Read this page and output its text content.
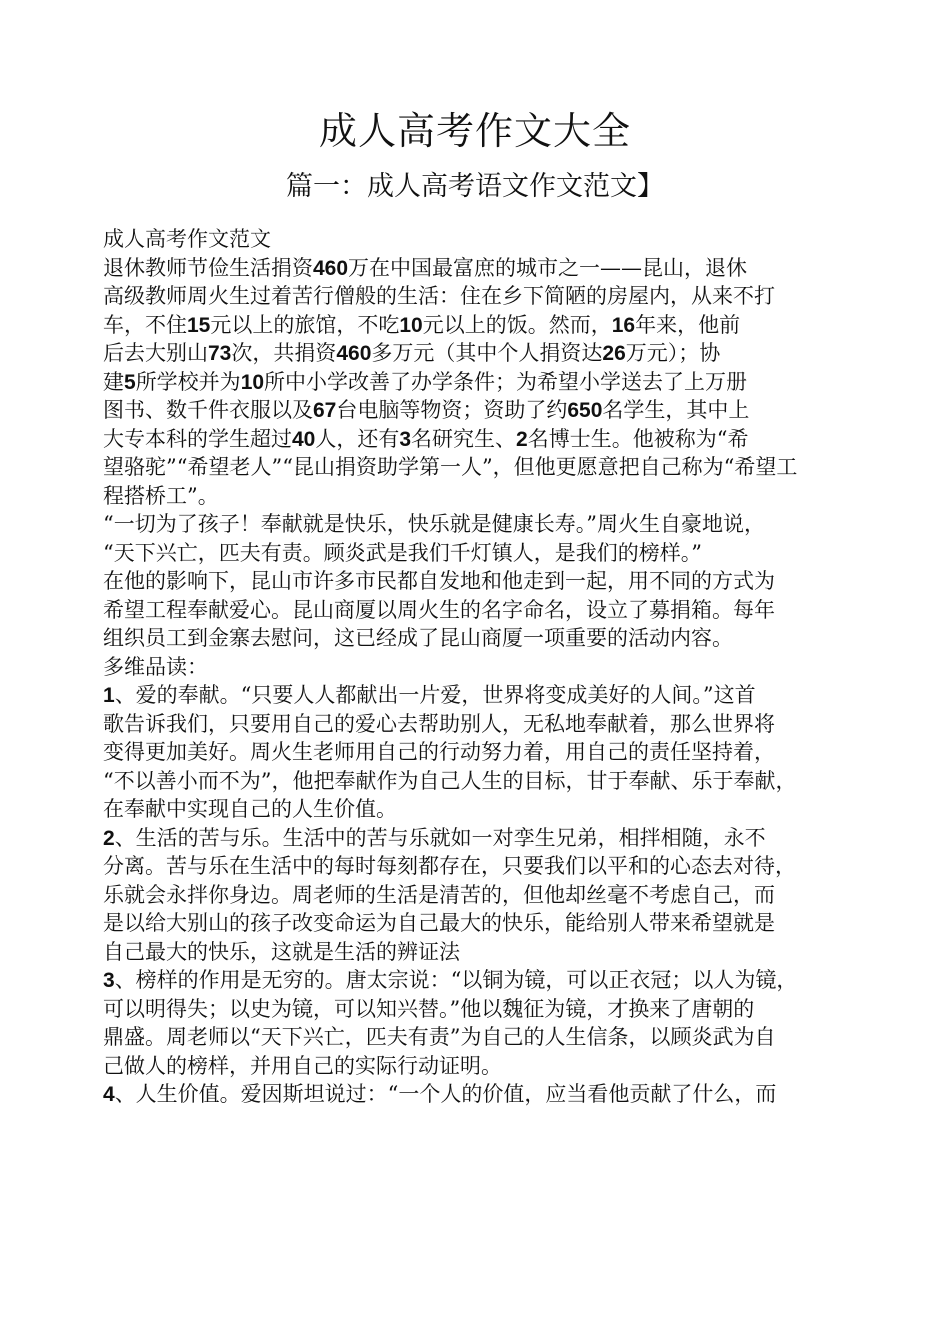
成人高考作文大全
篇一：成人高考语文作文范文】
成人高考作文范文
退休教师节俭生活捐资460万在中国最富庶的城市之一——昆山，退休
高级教师周火生过着苦行僧般的生活：住在乡下简陋的房屋内，从来不打
车，不住15元以上的旅馆，不吃10元以上的饭。然而，16年来，他前
后去大别山73次，共捐资460多万元（其中个人捐资达26万元）；协
建5所学校并为10所中小学改善了办学条件；为希望小学送去了上万册
图书、数千件衣服以及67台电脑等物资；资助了约650名学生，其中上
大专本科的学生超过40人，还有3名研究生、2名博士生。他被称为“希
望骆驼”“希望老人”“昆山捐资助学第一人”，但他更愿意把自己称为“希望工
程搭桥工”。
“一切为了孩子！奉献就是快乐，快乐就是健康长寿。”周火生自豪地说，
“天下兴亡，匹夫有责。顾炎武是我们千灯镇人，是我们的榜样。”
在他的影响下，昆山市许多市民都自发地和他走到一起，用不同的方式为
希望工程奉献爱心。昆山商厦以周火生的名字命名，设立了募捐箱。每年
组织员工到金寨去慰问，这已经成了昆山商厦一项重要的活动内容。
多维品读：
1、爱的奉献。“只要人人都献出一片爱，世界将变成美好的人间。”这首
歌告诉我们，只要用自己的爱心去帮助别人，无私地奉献着，那么世界将
变得更加美好。周火生老师用自己的行动努力着，用自己的责任坚持着，
“不以善小而不为”，他把奉献作为自己人生的目标，甘于奉献、乐于奉献，
在奉献中实现自己的人生价值。
2、生活的苦与乐。生活中的苦与乐就如一对孪生兄弟，相拌相随，永不
分离。苦与乐在生活中的每时每刻都存在，只要我们以平和的心态去对待，
乐就会永拌你身边。周老师的生活是清苦的，但他却丝毫不考虑自己，而
是以给大别山的孩子改变命运为自己最大的快乐，能给别人带来希望就是
自己最大的快乐，这就是生活的辨证法
3、榜样的作用是无穷的。唐太宗说：“以铜为镜，可以正衣冠；以人为镜，
可以明得失；以史为镜，可以知兴替。”他以魏征为镜，才换来了唐朝的
鼎盛。周老师以“天下兴亡，匹夫有责”为自己的人生信条，以顾炎武为自
己做人的榜样，并用自己的实际行动证明。
4、人生价值。爱因斯坦说过：“一个人的价值，应当看他贡献了什么，而
